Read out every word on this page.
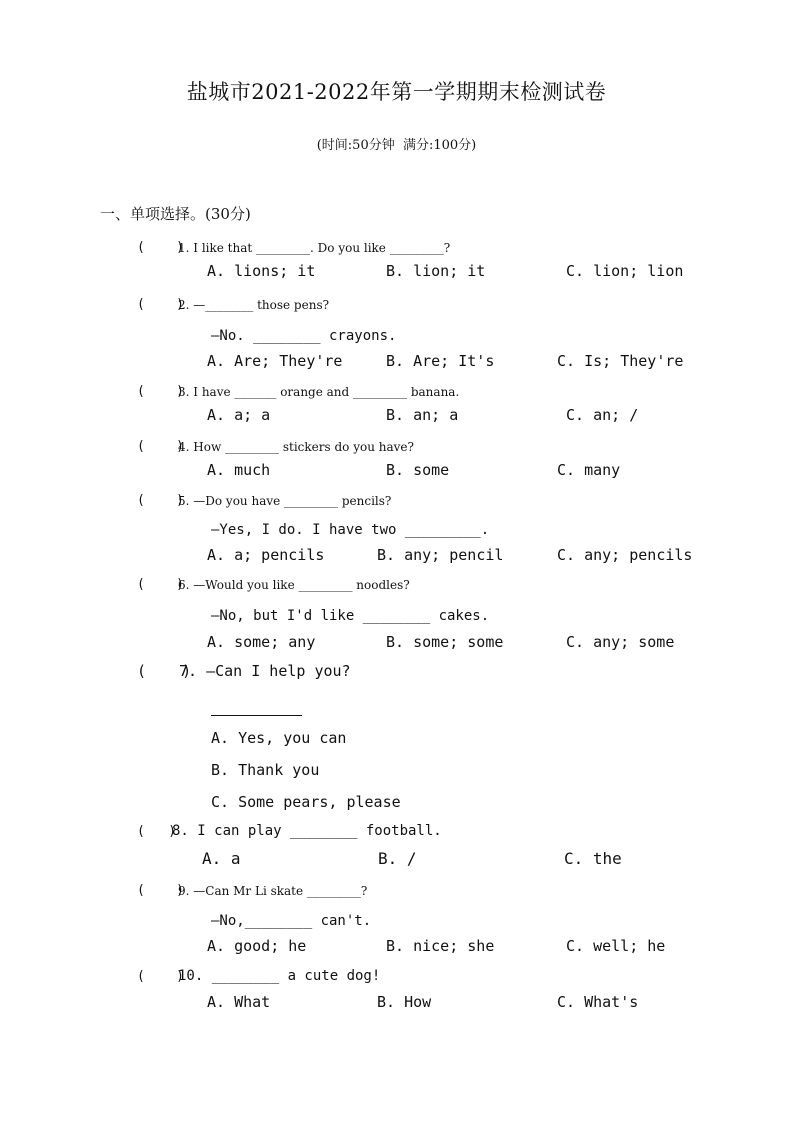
盐城市2021-2022年第一学期期末检测试卷
(时间:50分钟  满分:100分)
一、单项选择。(30分)
(    )
1. I like that _________. Do you like _________?
A. lions; it	B. lion; it	C. lion; lion
(    )
2. —________ those pens?
—No. ________ crayons.
A. Are; They're	B. Are; It's	C. Is; They're
(    )
3. I have _______ orange and _________ banana.
A. a; a	B. an; a	C. an; /
(    )
4. How _________ stickers do you have?
A. much	B. some	C. many
(    )
5. —Do you have _________ pencils?
—Yes, I do. I have two _________.
A. a; pencils	B. any; pencil	C. any; pencils
(    )
6. —Would you like _________ noodles?
—No, but I'd like ________ cakes.
A. some; any	B. some; some	C. any; some
(    )
7. —Can I help you?
A. Yes, you can
B. Thank you
C. Some pears, please
(   )
8. I can play ________ football.
A. a	B. /	C. the
(    )
9. —Can Mr Li skate _________?
—No,________ can't.
A. good; he	B. nice; she	C. well; he
(    )
10. ________ a cute dog!
A. What	B. How	C. What's
